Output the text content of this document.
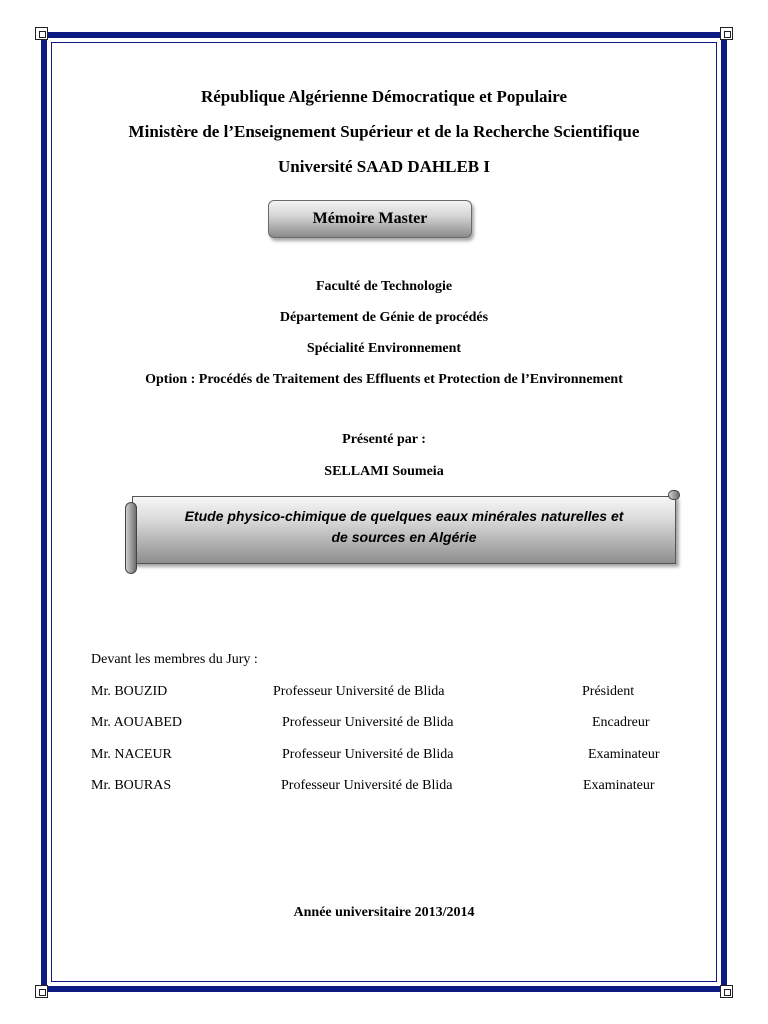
République Algérienne Démocratique et Populaire
Ministère de l’Enseignement Supérieur et de la Recherche Scientifique
Université SAAD DAHLEB I
Mémoire Master
Faculté de Technologie
Département de Génie de procédés
Spécialité Environnement
Option : Procédés de Traitement des Effluents et Protection de l’Environnement
Présenté par :
SELLAMI Soumeia
Etude physico-chimique de quelques eaux minérales naturelles et
de sources en Algérie
Devant les membres du Jury :
Mr. BOUZID	Professeur Université de Blida	Président
Mr. AOUABED	Professeur Université de Blida	Encadreur
Mr. NACEUR	Professeur Université de Blida	Examinateur
Mr. BOURAS	Professeur Université de Blida	Examinateur
Année universitaire 2013/2014
